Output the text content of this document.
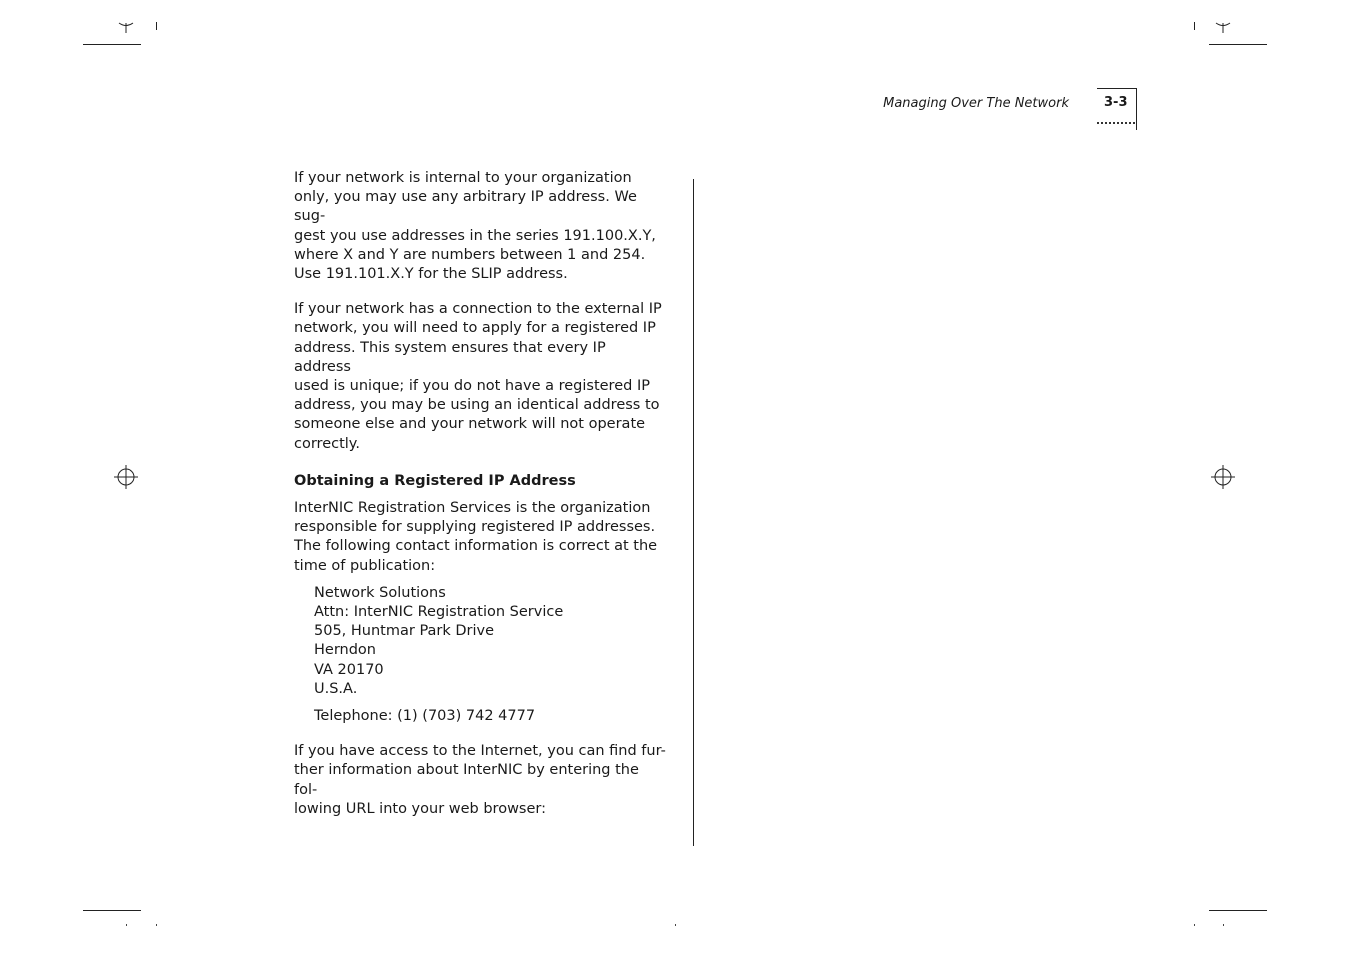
Managing Over The Network	3-3

If your network is internal to your organization
only, you may use any arbitrary IP address. We sug-
gest you use addresses in the series 191.100.X.Y,
where X and Y are numbers between 1 and 254.
Use 191.101.X.Y for the SLIP address.

If your network has a connection to the external IP
network, you will need to apply for a registered IP
address. This system ensures that every IP address
used is unique; if you do not have a registered IP
address, you may be using an identical address to
someone else and your network will not operate
correctly.

Obtaining a Registered IP Address

InterNIC Registration Services is the organization
responsible for supplying registered IP addresses.
The following contact information is correct at the
time of publication:

Network Solutions
Attn: InterNIC Registration Service
505, Huntmar Park Drive
Herndon
VA 20170
U.S.A.
Telephone: (1) (703) 742 4777

If you have access to the Internet, you can find fur-
ther information about InterNIC by entering the fol-
lowing URL into your web browser:
